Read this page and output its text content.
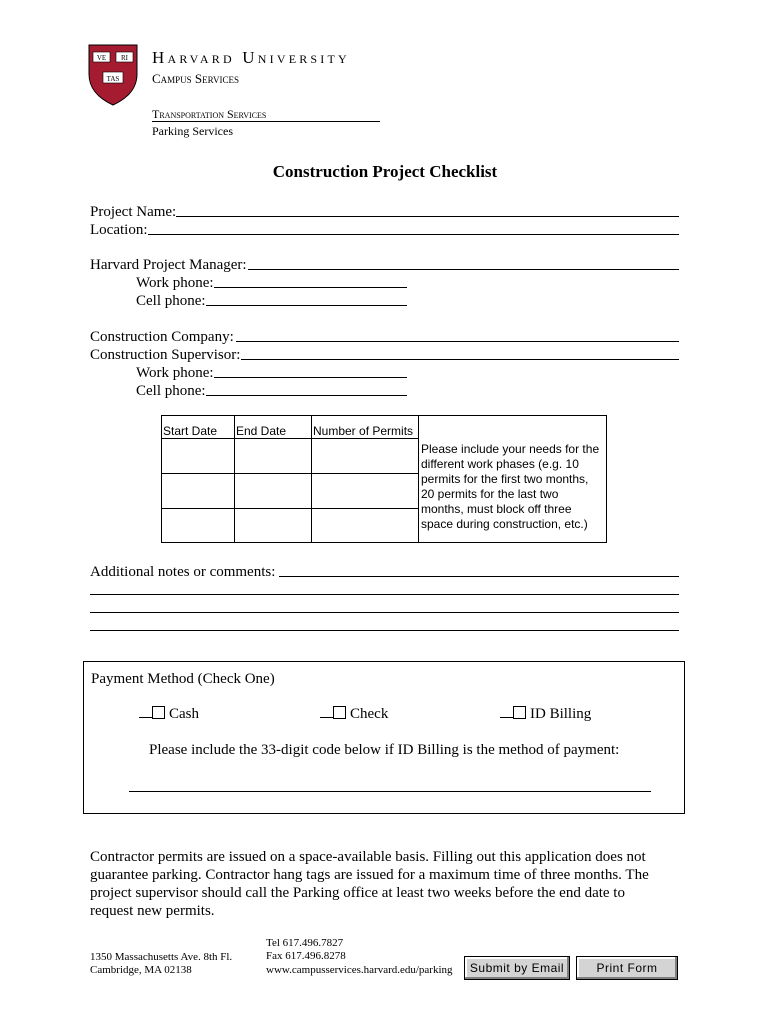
VE RI
TAS
Harvard University
Campus Services
Transportation Services
Parking Services
Construction Project Checklist
Project Name:
Location:
Harvard Project Manager:
Work phone:
Cell phone:
Construction Company:
Construction Supervisor:
Work phone:
Cell phone:
Start Date	End Date	Number of Permits	Please include your needs for the different work phases (e.g. 10 permits for the first two months, 20 permits for the last two months, must block off three space during construction, etc.)

Additional notes or comments:
Payment Method (Check One)
Cash	Check	ID Billing
Please include the 33-digit code below if ID Billing is the method of payment:
Contractor permits are issued on a space-available basis. Filling out this application does not guarantee parking. Contractor hang tags are issued for a maximum time of three months. The project supervisor should call the Parking office at least two weeks before the end date to request new permits.
1350 Massachusetts Ave. 8th Fl.
Cambridge, MA 02138
Tel 617.496.7827
Fax 617.496.8278
www.campusservices.harvard.edu/parking	Submit by Email	Print Form
